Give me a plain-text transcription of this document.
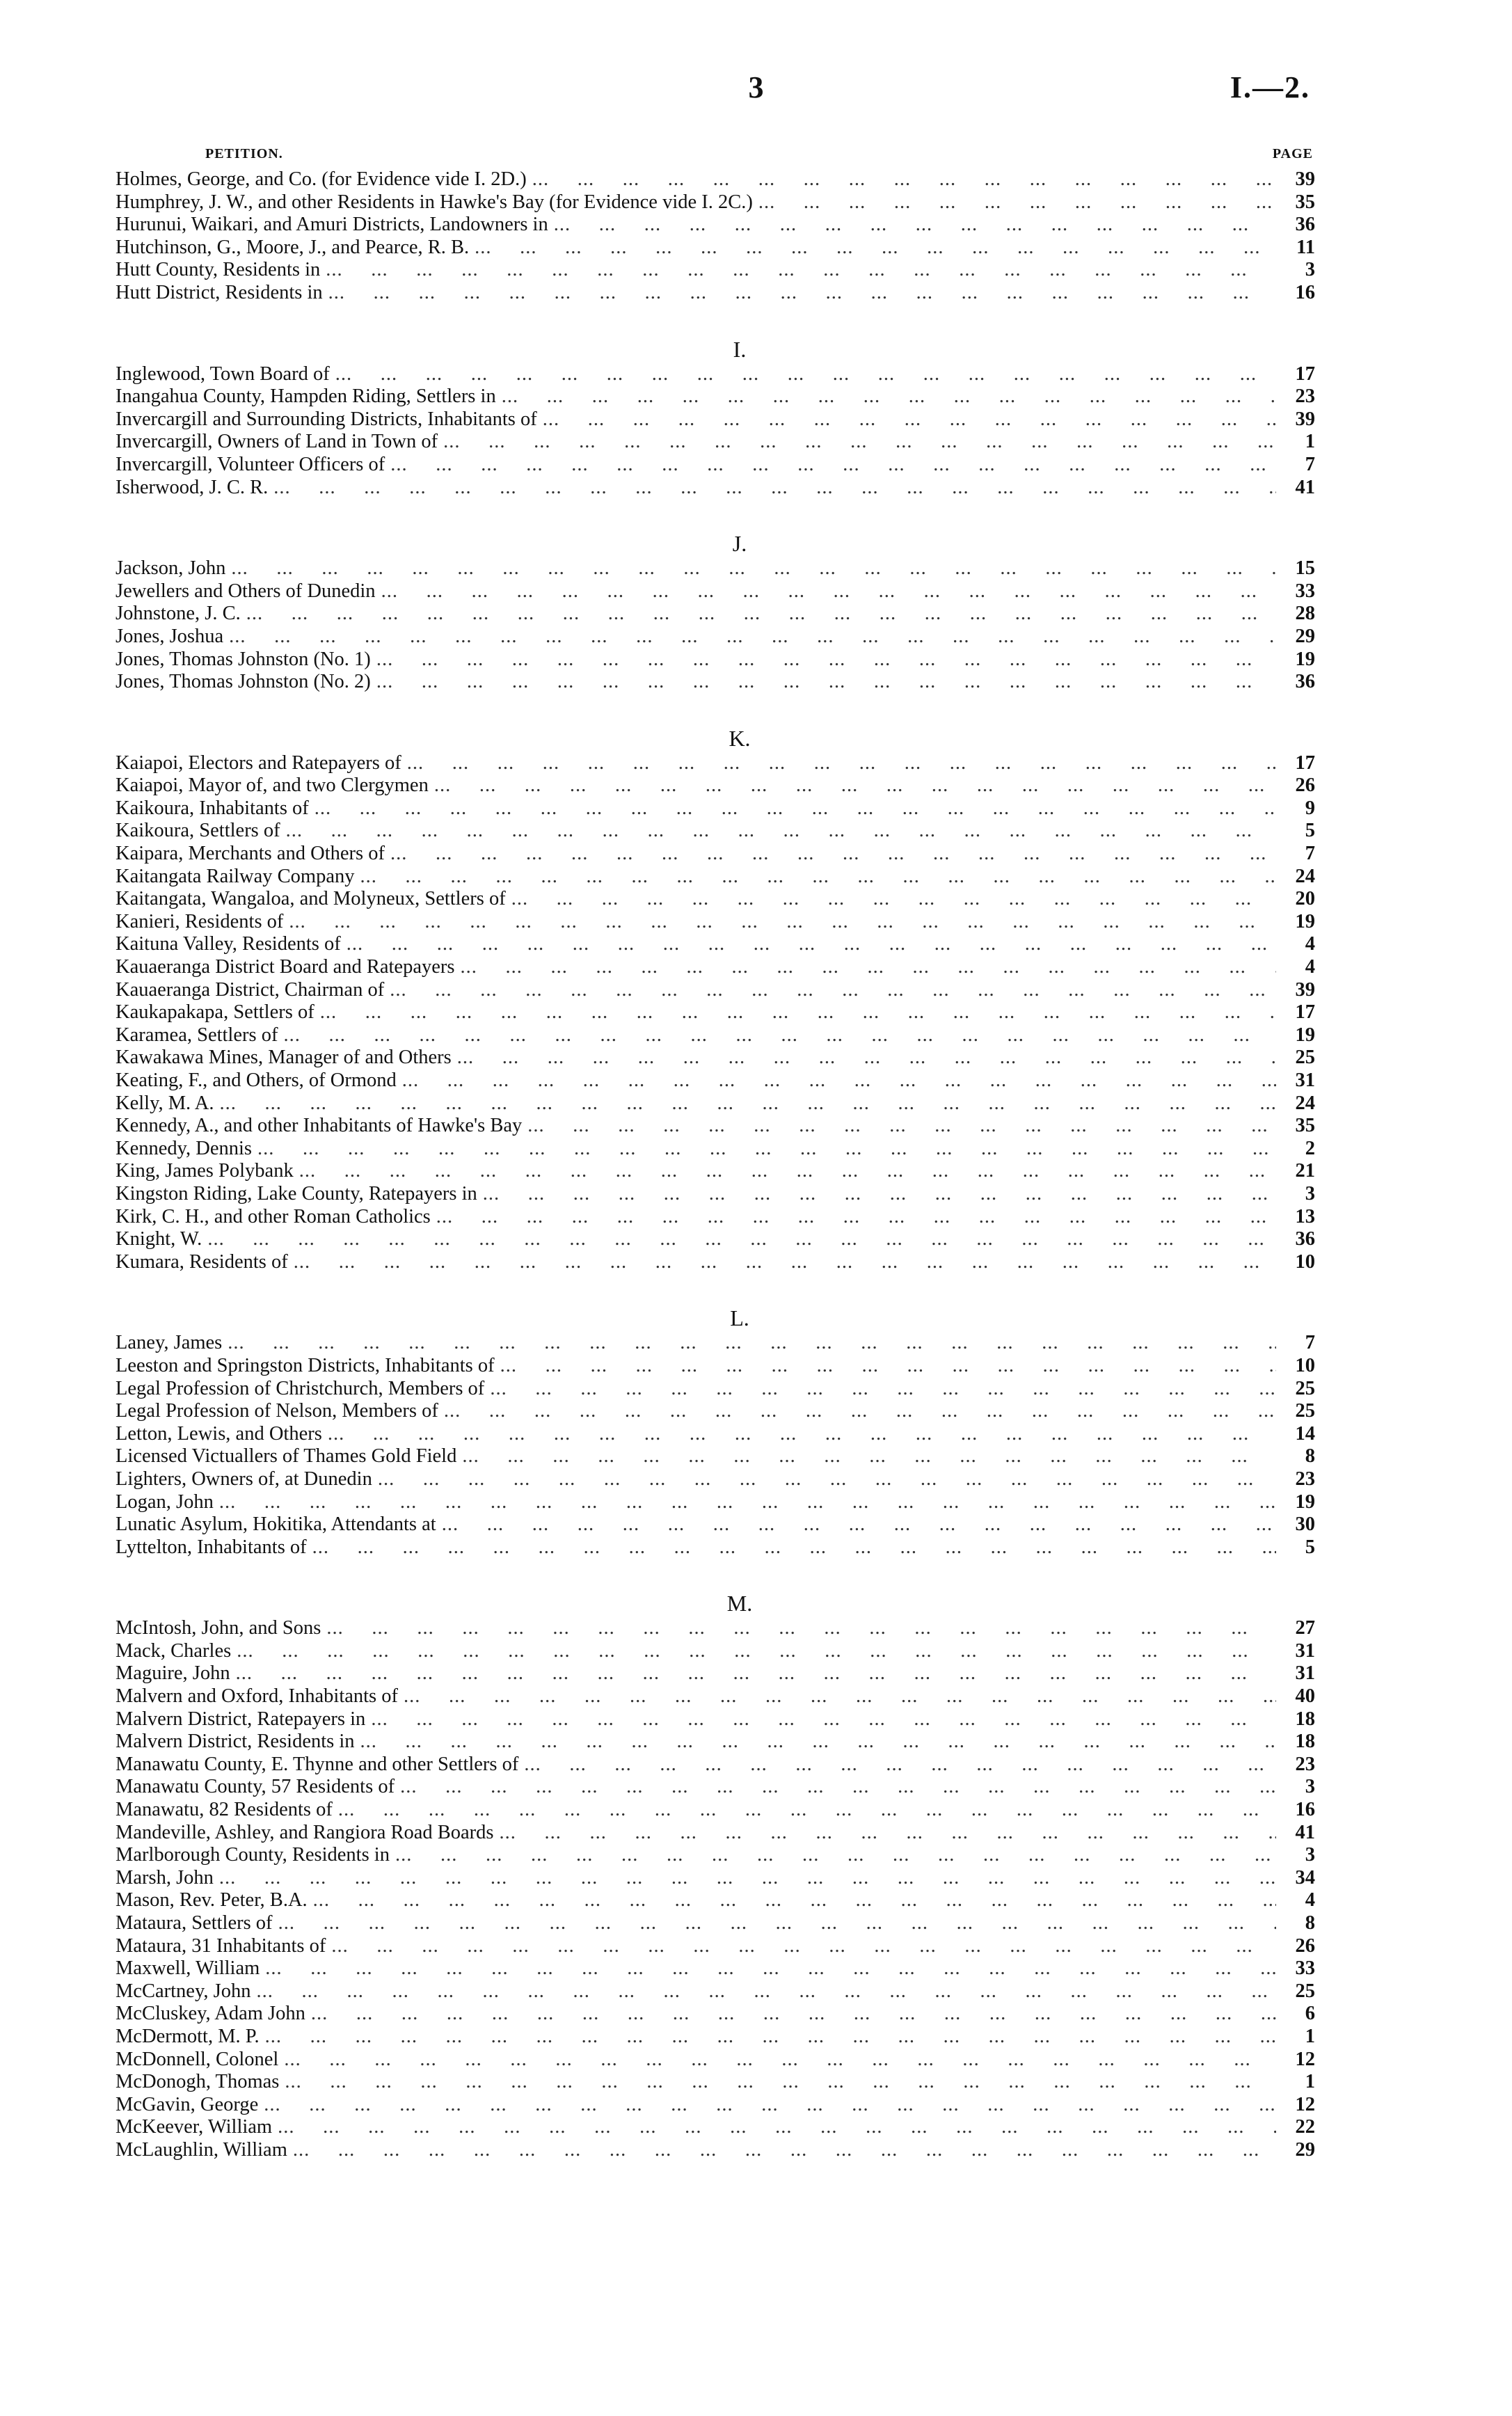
3	I.—2.
PETITION.	PAGE
Holmes, George, and Co. (for Evidence vide I. 2D.) ...	39
Humphrey, J. W., and other Residents in Hawke's Bay (for Evidence vide I. 2C.) ...	35
Hurunui, Waikari, and Amuri Districts, Landowners in ...	36
Hutchinson, G., Moore, J., and Pearce, R. B. ...	11
Hutt County, Residents in ...	3
Hutt District, Residents in ...	16
I.
Inglewood, Town Board of ...	17
Inangahua County, Hampden Riding, Settlers in ...	23
Invercargill and Surrounding Districts, Inhabitants of ...	39
Invercargill, Owners of Land in Town of ...	1
Invercargill, Volunteer Officers of ...	7
Isherwood, J. C. R. ...	41
J.
Jackson, John ...	15
Jewellers and Others of Dunedin ...	33
Johnstone, J. C. ...	28
Jones, Joshua ...	29
Jones, Thomas Johnston (No. 1) ...	19
Jones, Thomas Johnston (No. 2) ...	36
K.
Kaiapoi, Electors and Ratepayers of ...	17
Kaiapoi, Mayor of, and two Clergymen ...	26
Kaikoura, Inhabitants of ...	9
Kaikoura, Settlers of ...	5
Kaipara, Merchants and Others of ...	7
Kaitangata Railway Company ...	24
Kaitangata, Wangaloa, and Molyneux, Settlers of ...	20
Kanieri, Residents of ...	19
Kaituna Valley, Residents of ...	4
Kauaeranga District Board and Ratepayers ...	4
Kauaeranga District, Chairman of ...	39
Kaukapakapa, Settlers of ...	17
Karamea, Settlers of ...	19
Kawakawa Mines, Manager of and Others ...	25
Keating, F., and Others, of Ormond ...	31
Kelly, M. A. ...	24
Kennedy, A., and other Inhabitants of Hawke's Bay ...	35
Kennedy, Dennis ...	2
King, James Polybank ...	21
Kingston Riding, Lake County, Ratepayers in ...	3
Kirk, C. H., and other Roman Catholics ...	13
Knight, W. ...	36
Kumara, Residents of ...	10
L.
Laney, James ...	7
Leeston and Springston Districts, Inhabitants of ...	10
Legal Profession of Christchurch, Members of ...	25
Legal Profession of Nelson, Members of ...	25
Letton, Lewis, and Others ...	14
Licensed Victuallers of Thames Gold Field ...	8
Lighters, Owners of, at Dunedin ...	23
Logan, John ...	19
Lunatic Asylum, Hokitika, Attendants at ...	30
Lyttelton, Inhabitants of ...	5
M.
McIntosh, John, and Sons ...	27
Mack, Charles ...	31
Maguire, John ...	31
Malvern and Oxford, Inhabitants of ...	40
Malvern District, Ratepayers in ...	18
Malvern District, Residents in ...	18
Manawatu County, E. Thynne and other Settlers of ...	23
Manawatu County, 57 Residents of ...	3
Manawatu, 82 Residents of ...	16
Mandeville, Ashley, and Rangiora Road Boards ...	41
Marlborough County, Residents in ...	3
Marsh, John ...	34
Mason, Rev. Peter, B.A. ...	4
Mataura, Settlers of ...	8
Mataura, 31 Inhabitants of ...	26
Maxwell, William ...	33
McCartney, John ...	25
McCluskey, Adam John ...	6
McDermott, M. P. ...	1
McDonnell, Colonel ...	12
McDonogh, Thomas ...	1
McGavin, George ...	12
McKeever, William ...	22
McLaughlin, William ...	29
